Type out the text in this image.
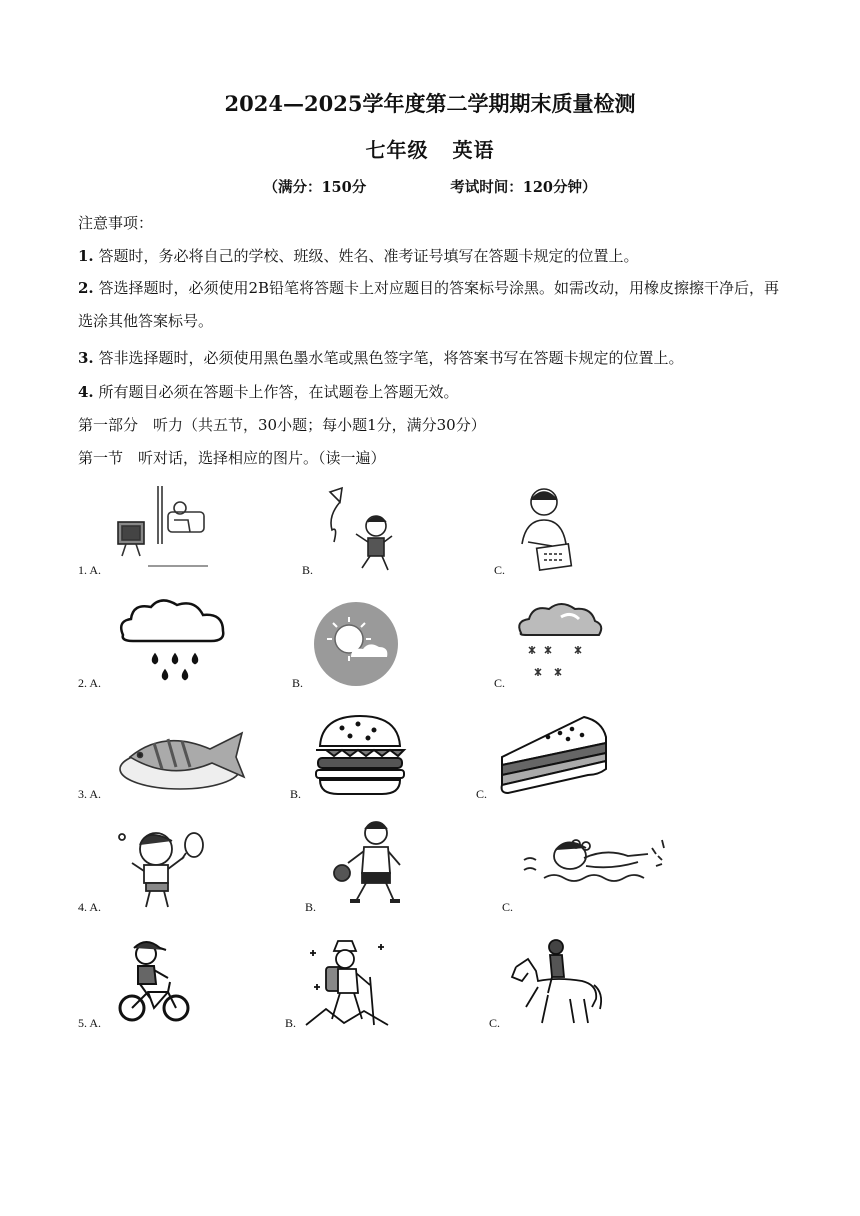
2024—2025学年度第二学期期末质量检测
七年级 英语
（满分：150分	考试时间：120分钟）
注意事项：
1. 答题时，务必将自己的学校、班级、姓名、准考证号填写在答题卡规定的位置上。
2. 答选择题时，必须使用2B铅笔将答题卡上对应题目的答案标号涂黑。如需改动，用橡皮擦擦干净后，再选涂其他答案标号。
3. 答非选择题时，必须使用黑色墨水笔或黑色签字笔，将答案书写在答题卡规定的位置上。
4. 所有题目必须在答题卡上作答，在试题卷上答题无效。
第一部分　听力（共五节，30小题；每小题1分，满分30分）
第一节　听对话，选择相应的图片。（读一遍）
1. A.	B.	C.
2. A.	B.	C.
3. A.	B.	C.
4. A.	B.	C.
5. A.	B.	C.
